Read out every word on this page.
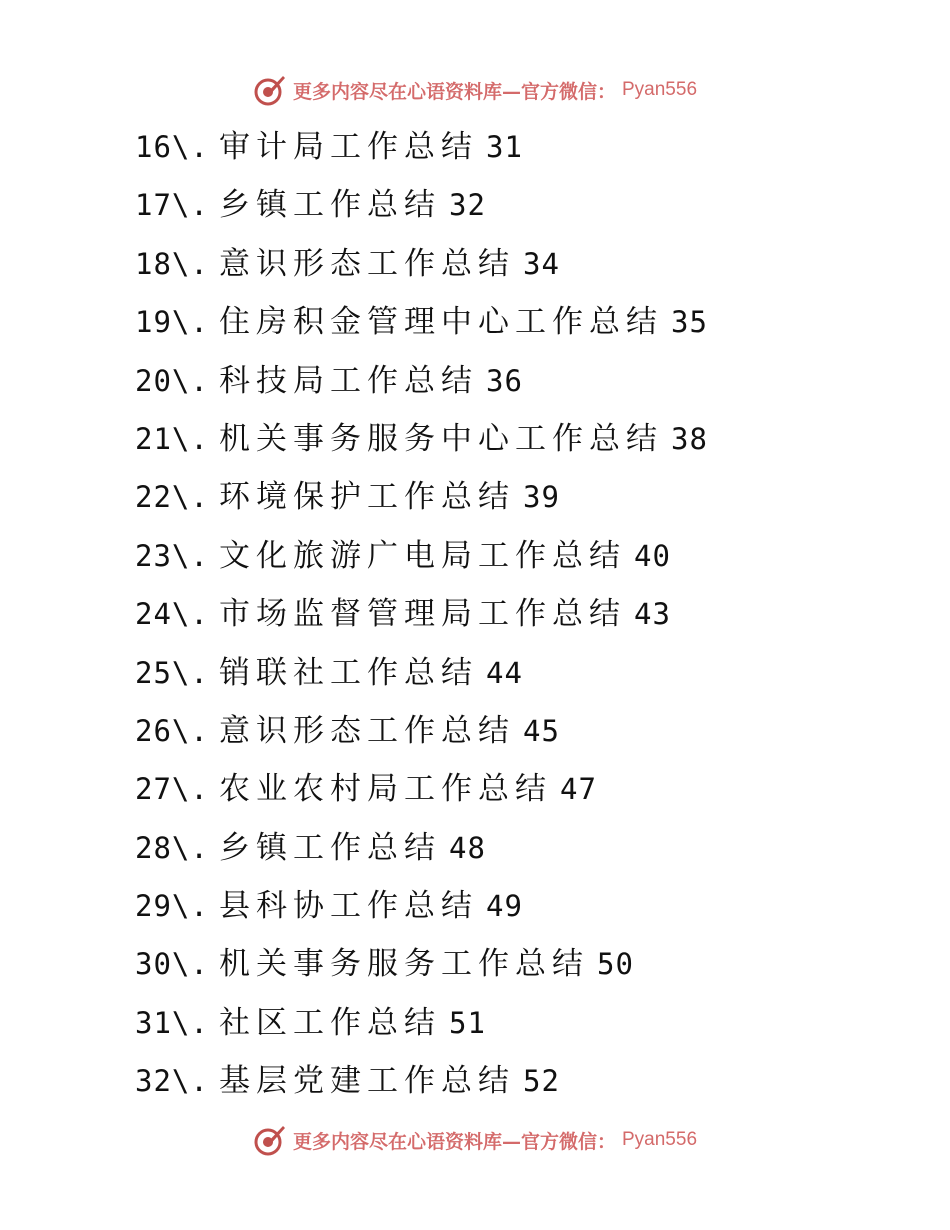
更多内容尽在心语资料库—官方微信： Pyan556
16\. 审计局工作总结 31
17\. 乡镇工作总结 32
18\. 意识形态工作总结 34
19\. 住房积金管理中心工作总结 35
20\. 科技局工作总结 36
21\. 机关事务服务中心工作总结 38
22\. 环境保护工作总结 39
23\. 文化旅游广电局工作总结 40
24\. 市场监督管理局工作总结 43
25\. 销联社工作总结 44
26\. 意识形态工作总结 45
27\. 农业农村局工作总结 47
28\. 乡镇工作总结 48
29\. 县科协工作总结 49
30\. 机关事务服务工作总结 50
31\. 社区工作总结 51
32\. 基层党建工作总结 52
更多内容尽在心语资料库—官方微信： Pyan556
